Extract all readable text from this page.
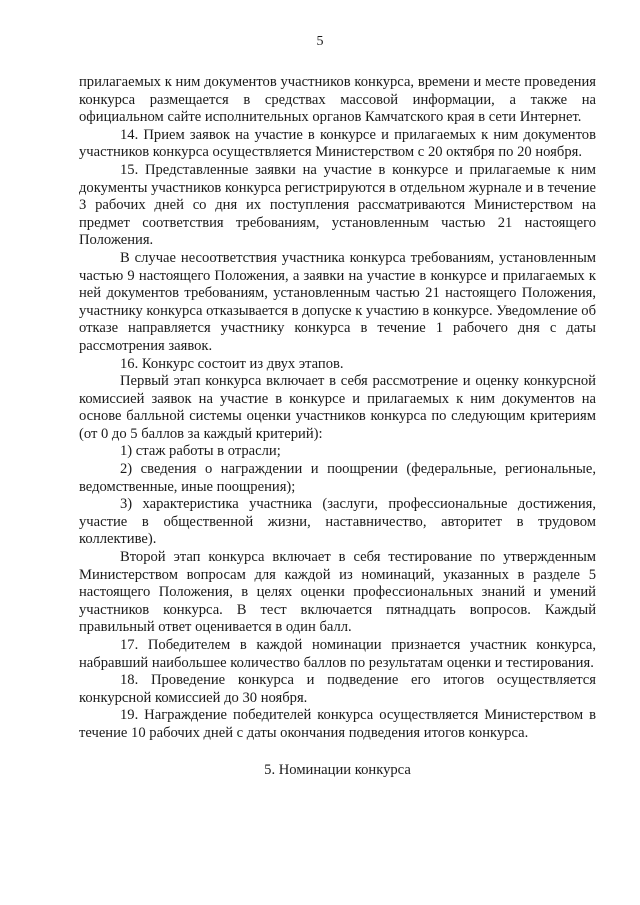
5

прилагаемых к ним документов участников конкурса, времени и месте проведения конкурса размещается в средствах массовой информации, а также на официальном сайте исполнительных органов Камчатского края в сети Интернет.

14. Прием заявок на участие в конкурсе и прилагаемых к ним документов участников конкурса осуществляется Министерством с 20 октября по 20 ноября.

15. Представленные заявки на участие в конкурсе и прилагаемые к ним документы участников конкурса регистрируются в отдельном журнале и в течение 3 рабочих дней со дня их поступления рассматриваются Министерством на предмет соответствия требованиям, установленным частью 21 настоящего Положения.

В случае несоответствия участника конкурса требованиям, установленным частью 9 настоящего Положения, а заявки на участие в конкурсе и прилагаемых к ней документов требованиям, установленным частью 21 настоящего Положения, участнику конкурса отказывается в допуске к участию в конкурсе. Уведомление об отказе направляется участнику конкурса в течение 1 рабочего дня с даты рассмотрения заявок.

16. Конкурс состоит из двух этапов.

Первый этап конкурса включает в себя рассмотрение и оценку конкурсной комиссией заявок на участие в конкурсе и прилагаемых к ним документов на основе балльной системы оценки участников конкурса по следующим критериям (от 0 до 5 баллов за каждый критерий):

1) стаж работы в отрасли;

2) сведения о награждении и поощрении (федеральные, региональные, ведомственные, иные поощрения);

3) характеристика участника (заслуги, профессиональные достижения, участие в общественной жизни, наставничество, авторитет в трудовом коллективе).

Второй этап конкурса включает в себя тестирование по утвержденным Министерством вопросам для каждой из номинаций, указанных в разделе 5 настоящего Положения, в целях оценки профессиональных знаний и умений участников конкурса. В тест включается пятнадцать вопросов. Каждый правильный ответ оценивается в один балл.

17. Победителем в каждой номинации признается участник конкурса, набравший наибольшее количество баллов по результатам оценки и тестирования.

18. Проведение конкурса и подведение его итогов осуществляется конкурсной комиссией до 30 ноября.

19. Награждение победителей конкурса осуществляется Министерством в течение 10 рабочих дней с даты окончания подведения итогов конкурса.

5. Номинации конкурса
